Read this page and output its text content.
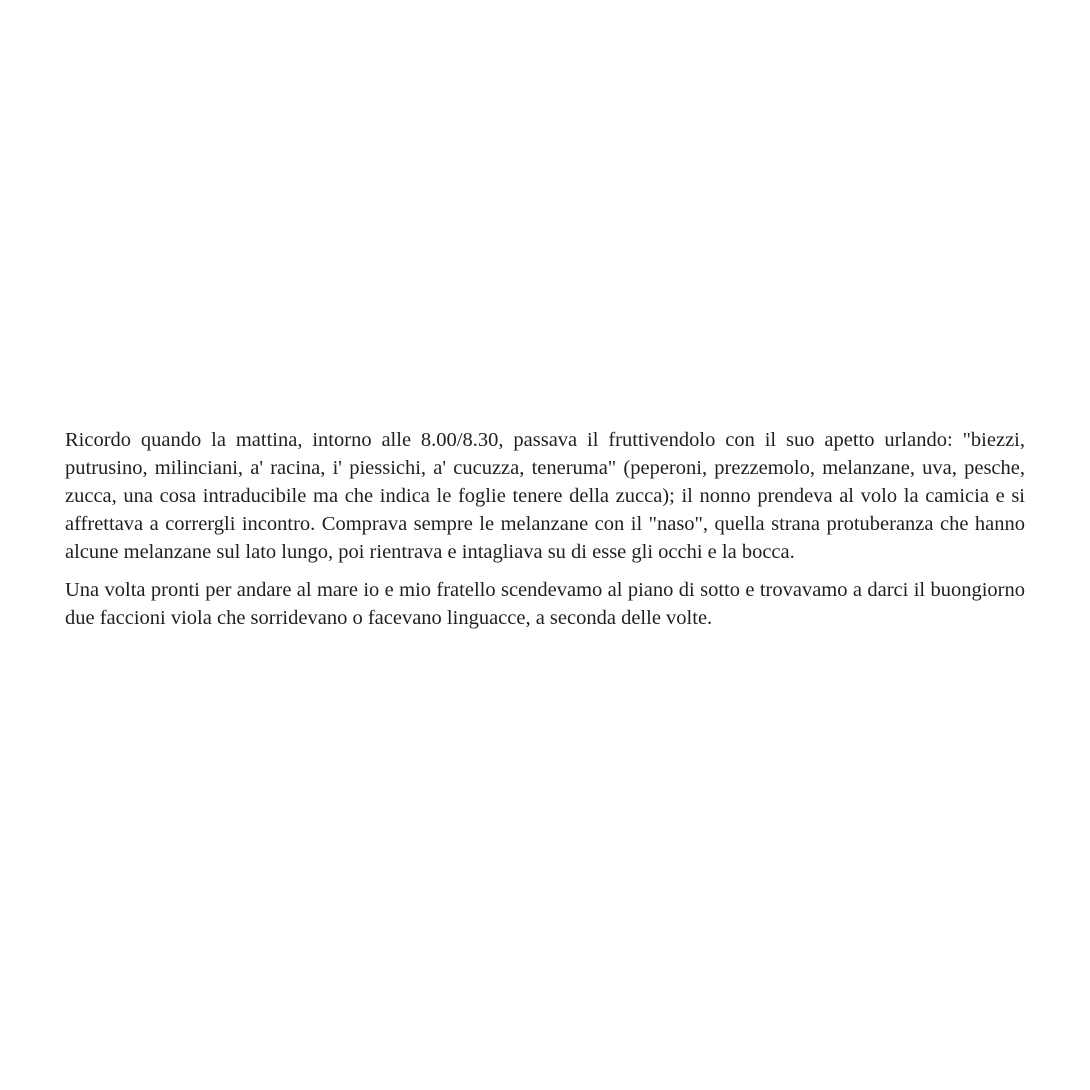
Ricordo quando la mattina, intorno alle 8.00/8.30, passava il fruttivendolo con il suo apetto urlando: "biezzi, putrusino, milinciani, a' racina, i' piessichi, a' cucuzza, teneruma" (peperoni, prezzemolo, melanzane, uva, pesche, zucca, una cosa intraducibile ma che indica le foglie tenere della zucca); il nonno prendeva al volo la camicia e si affrettava a corrergli incontro. Comprava sempre le melanzane con il "naso", quella strana protuberanza che hanno alcune melanzane sul lato lungo, poi rientrava e intagliava su di esse gli occhi e la bocca.

Una volta pronti per andare al mare io e mio fratello scendevamo al piano di sotto e trovavamo a darci il buongiorno due faccioni viola che sorridevano o facevano linguacce, a seconda delle volte.
